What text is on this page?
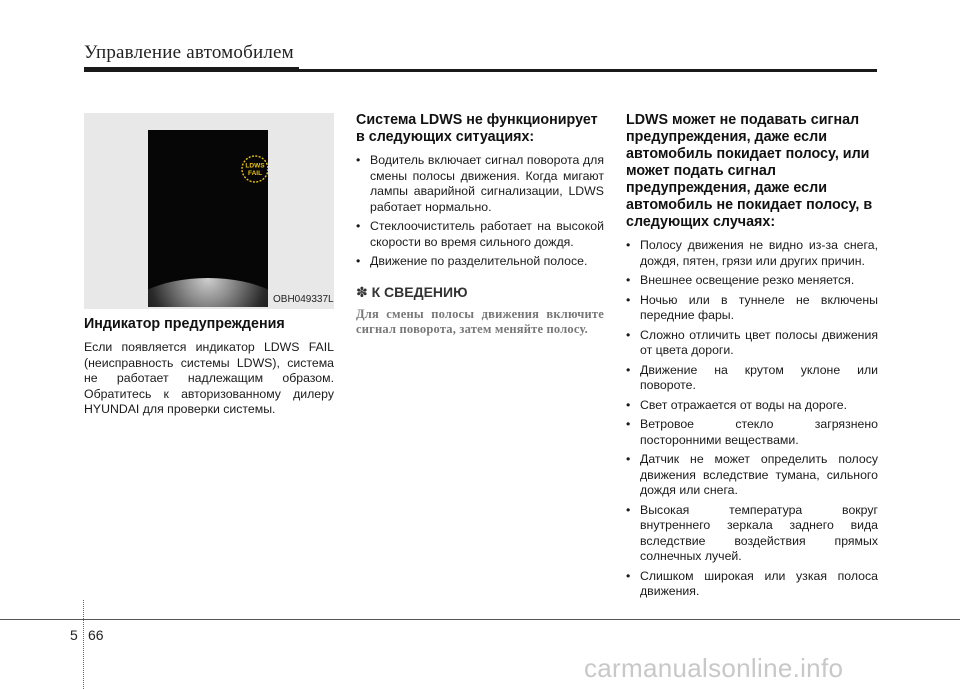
Управление автомобилем
LDWS
FAIL
OBH049337L
Индикатор предупреждения

Если появляется индикатор LDWS FAIL (неисправность системы LDWS), система не работает надлежащим образом. Обратитесь к авторизованному дилеру HYUNDAI для проверки системы.

Система LDWS не функционирует в следующих ситуациях:
• Водитель включает сигнал поворота для смены полосы движения. Когда мигают лампы аварийной сигнализации, LDWS работает нормально.
• Стеклоочиститель работает на высокой скорости во время сильного дождя.
• Движение по разделительной полосе.
✽ К СВЕДЕНИЮ

Для смены полосы движения включите сигнал поворота, затем меняйте полосу.

LDWS может не подавать сигнал предупреждения, даже если автомобиль покидает полосу, или может подать сигнал предупреждения, даже если автомобиль не покидает полосу, в следующих случаях:
• Полосу движения не видно из-за снега, дождя, пятен, грязи или других причин.
• Внешнее освещение резко меняется.
• Ночью или в туннеле не включены передние фары.
• Сложно отличить цвет полосы движения от цвета дороги.
• Движение на крутом уклоне или повороте.
• Свет отражается от воды на дороге.
• Ветровое стекло загрязнено посторонними веществами.
• Датчик не может определить полосу движения вследствие тумана, сильного дождя или снега.
• Высокая температура вокруг внутреннего зеркала заднего вида вследствие воздействия прямых солнечных лучей.
• Слишком широкая или узкая полоса движения.
5 66
carmanualsonline.info
